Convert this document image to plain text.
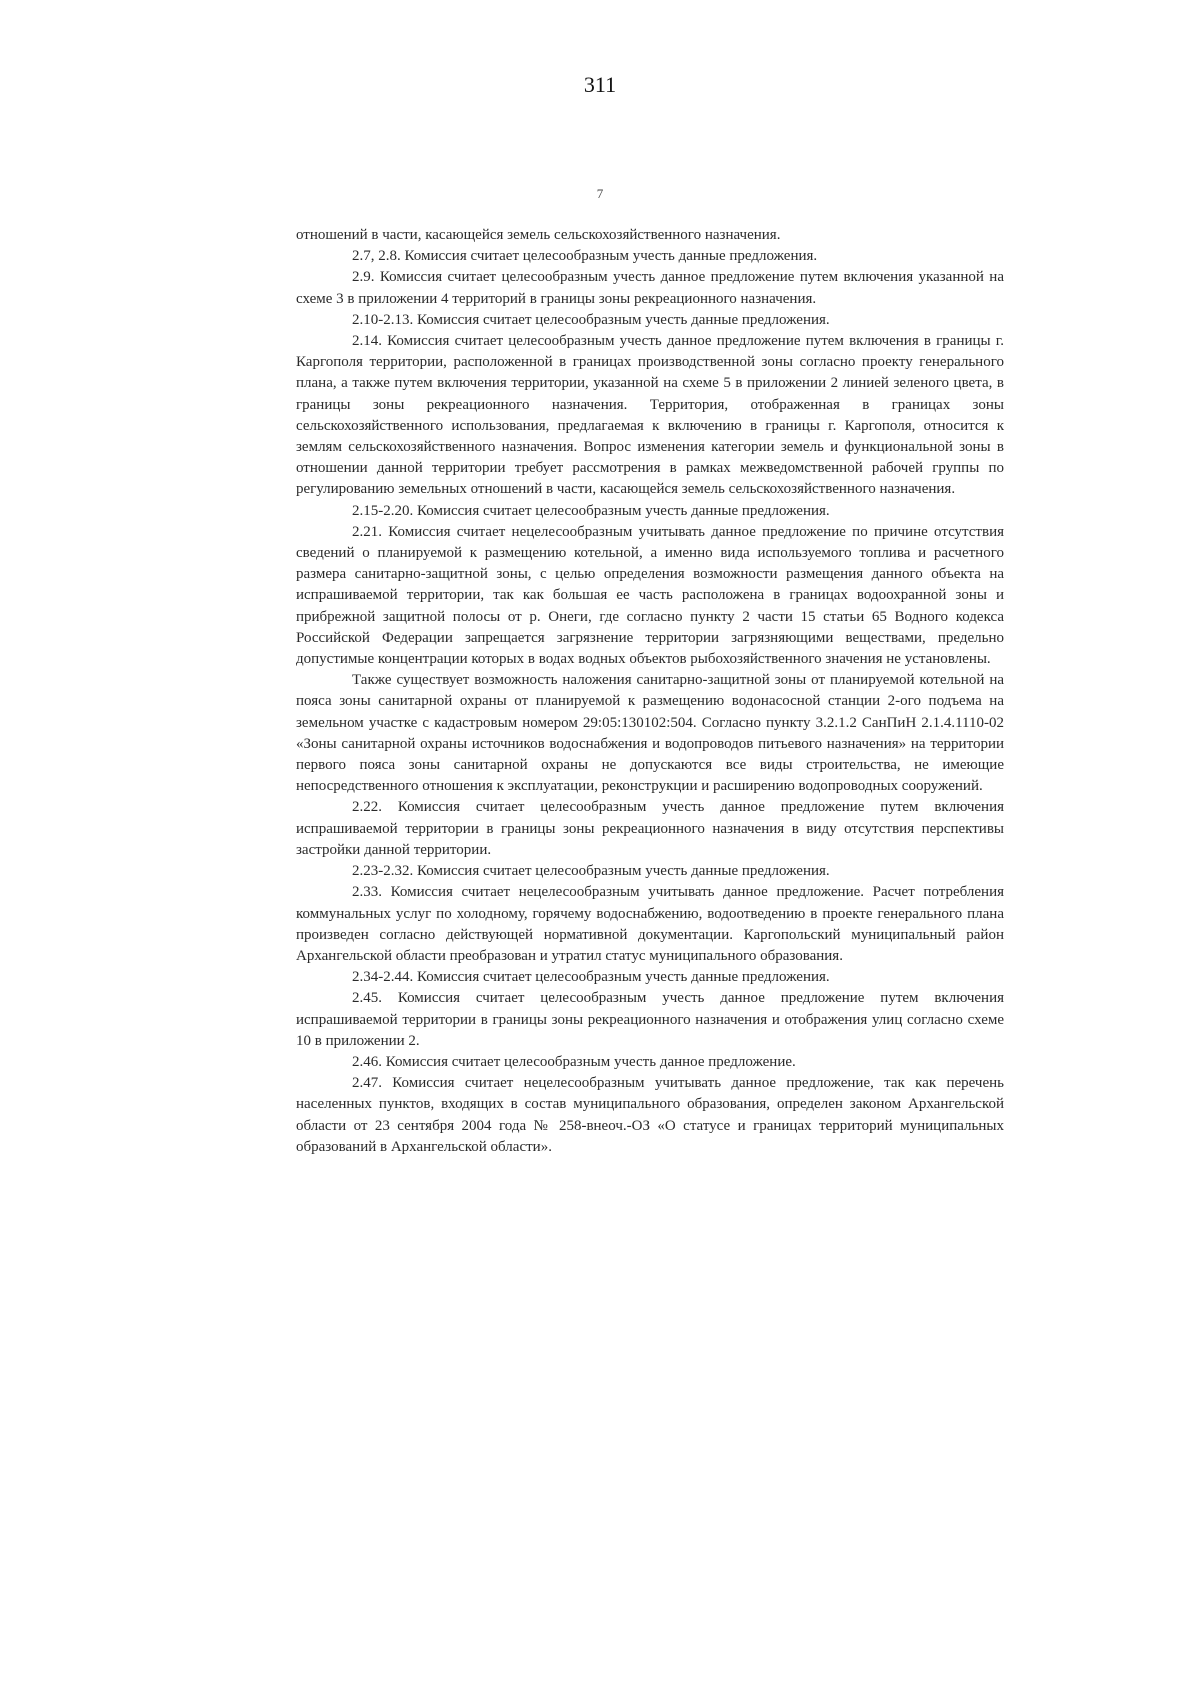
311
7

отношений в части, касающейся земель сельскохозяйственного назначения.

2.7, 2.8. Комиссия считает целесообразным учесть данные предложения.

2.9. Комиссия считает целесообразным учесть данное предложение путем включения указанной на схеме 3 в приложении 4 территорий в границы зоны рекреационного назначения.

2.10-2.13. Комиссия считает целесообразным учесть данные предложения.

2.14. Комиссия считает целесообразным учесть данное предложение путем включения в границы г. Каргополя территории, расположенной в границах производственной зоны согласно проекту генерального плана, а также путем включения территории, указанной на схеме 5 в приложении 2 линией зеленого цвета, в границы зоны рекреационного назначения. Территория, отображенная в границах зоны сельскохозяйственного использования, предлагаемая к включению в границы г. Каргополя, относится к землям сельскохозяйственного назначения. Вопрос изменения категории земель и функциональной зоны в отношении данной территории требует рассмотрения в рамках межведомственной рабочей группы по регулированию земельных отношений в части, касающейся земель сельскохозяйственного назначения.

2.15-2.20. Комиссия считает целесообразным учесть данные предложения.

2.21. Комиссия считает нецелесообразным учитывать данное предложение по причине отсутствия сведений о планируемой к размещению котельной, а именно вида используемого топлива и расчетного размера санитарно-защитной зоны, с целью определения возможности размещения данного объекта на испрашиваемой территории, так как большая ее часть расположена в границах водоохранной зоны и прибрежной защитной полосы от р. Онеги, где согласно пункту 2 части 15 статьи 65 Водного кодекса Российской Федерации запрещается загрязнение территории загрязняющими веществами, предельно допустимые концентрации которых в водах водных объектов рыбохозяйственного значения не установлены.

Также существует возможность наложения санитарно-защитной зоны от планируемой котельной на пояса зоны санитарной охраны от планируемой к размещению водонасосной станции 2-ого подъема на земельном участке с кадастровым номером 29:05:130102:504. Согласно пункту 3.2.1.2 СанПиН 2.1.4.1110-02 «Зоны санитарной охраны источников водоснабжения и водопроводов питьевого назначения» на территории первого пояса зоны санитарной охраны не допускаются все виды строительства, не имеющие непосредственного отношения к эксплуатации, реконструкции и расширению водопроводных сооружений.

2.22. Комиссия считает целесообразным учесть данное предложение путем включения испрашиваемой территории в границы зоны рекреационного назначения в виду отсутствия перспективы застройки данной территории.

2.23-2.32. Комиссия считает целесообразным учесть данные предложения.

2.33. Комиссия считает нецелесообразным учитывать данное предложение. Расчет потребления коммунальных услуг по холодному, горячему водоснабжению, водоотведению в проекте генерального плана произведен согласно действующей нормативной документации. Каргопольский муниципальный район Архангельской области преобразован и утратил статус муниципального образования.

2.34-2.44. Комиссия считает целесообразным учесть данные предложения.

2.45. Комиссия считает целесообразным учесть данное предложение путем включения испрашиваемой территории в границы зоны рекреационного назначения и отображения улиц согласно схеме 10 в приложении 2.

2.46. Комиссия считает целесообразным учесть данное предложение.

2.47. Комиссия считает нецелесообразным учитывать данное предложение, так как перечень населенных пунктов, входящих в состав муниципального образования, определен законом Архангельской области от 23 сентября 2004 года № 258-внеоч.-ОЗ «О статусе и границах территорий муниципальных образований в Архангельской области».
